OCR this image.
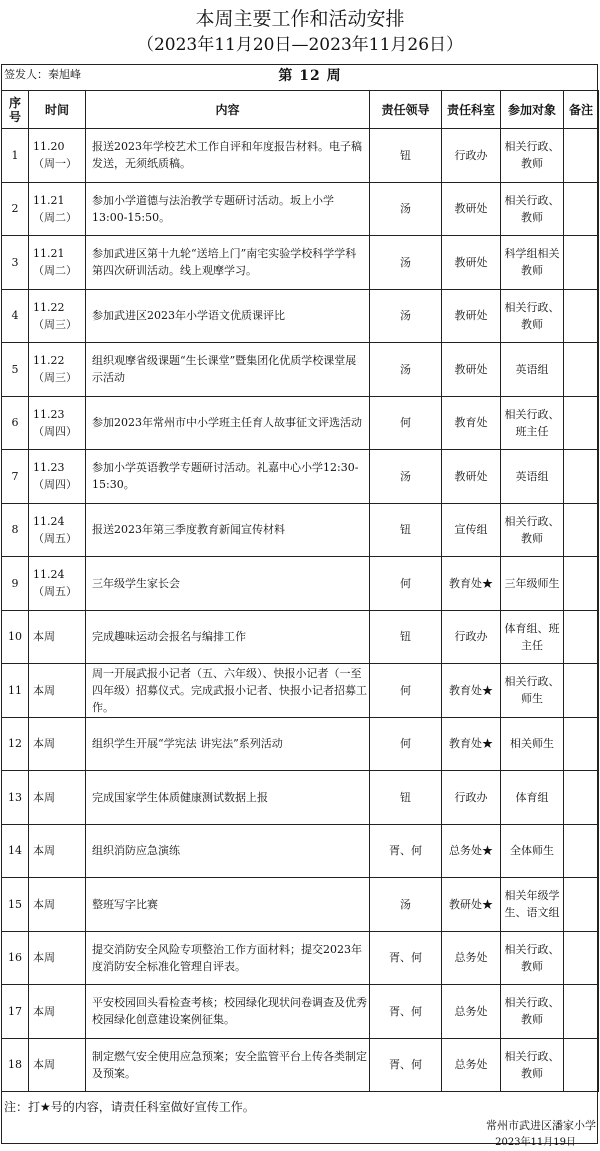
本周主要工作和活动安排
（2023年11月20日—2023年11月26日）
签发人：秦旭峰	第 12 周
序号	时间	内容	责任领导	责任科室	参加对象	备注
1	11.20（周一）	报送2023年学校艺术工作自评和年度报告材料。电子稿发送，无须纸质稿。	钮	行政办	相关行政、教师	
2	11.21（周二）	参加小学道德与法治教学专题研讨活动。坂上小学13:00-15:50。	汤	教研处	相关行政、教师	
3	11.21（周二）	参加武进区第十九轮“送培上门”南宅实验学校科学学科第四次研训活动。线上观摩学习。	汤	教研处	科学组相关教师	
4	11.22（周三）	参加武进区2023年小学语文优质课评比	汤	教研处	相关行政、教师	
5	11.22（周三）	组织观摩省级课题“生长课堂”暨集团化优质学校课堂展示活动	汤	教研处	英语组	
6	11.23（周四）	参加2023年常州市中小学班主任育人故事征文评选活动	何	教育处	相关行政、班主任	
7	11.23（周四）	参加小学英语教学专题研讨活动。礼嘉中心小学12:30-15:30。	汤	教研处	英语组	
8	11.24（周五）	报送2023年第三季度教育新闻宣传材料	钮	宣传组	相关行政、教师	
9	11.24（周五）	三年级学生家长会	何	教育处★	三年级师生	
10	本周	完成趣味运动会报名与编排工作	钮	行政办	体育组、班主任	
11	本周	周一开展武报小记者（五、六年级）、快报小记者（一至四年级）招募仪式。完成武报小记者、快报小记者招募工作。	何	教育处★	相关行政、师生	
12	本周	组织学生开展“学宪法 讲宪法”系列活动	何	教育处★	相关师生	
13	本周	完成国家学生体质健康测试数据上报	钮	行政办	体育组	
14	本周	组织消防应急演练	胥、何	总务处★	全体师生	
15	本周	整班写字比赛	汤	教研处★	相关年级学生、语文组	
16	本周	提交消防安全风险专项整治工作方面材料；提交2023年度消防安全标准化管理自评表。	胥、何	总务处	相关行政、教师	
17	本周	平安校园回头看检查考核；校园绿化现状问卷调查及优秀校园绿化创意建设案例征集。	胥、何	总务处	相关行政、教师	
18	本周	制定燃气安全使用应急预案；安全监管平台上传各类制定及预案。	胥、何	总务处	相关行政、教师	
注：打★号的内容，请责任科室做好宣传工作。
常州市武进区潘家小学
2023年11月19日
